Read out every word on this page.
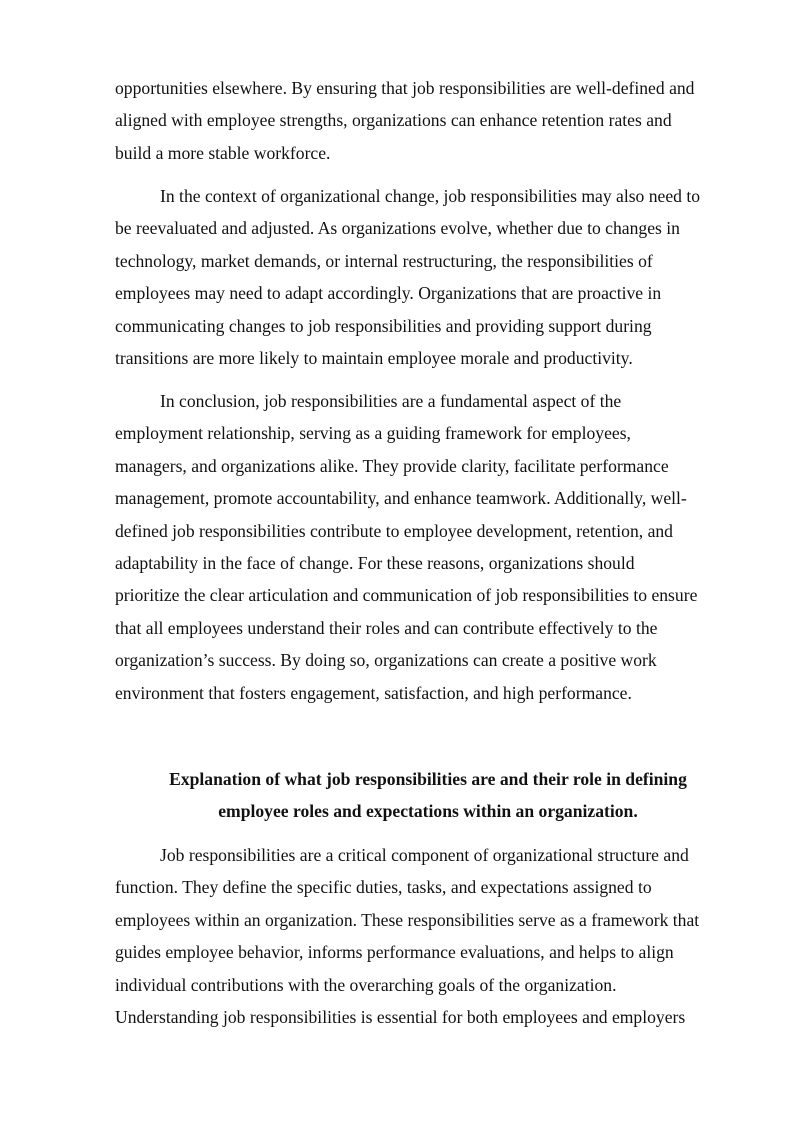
opportunities elsewhere. By ensuring that job responsibilities are well-defined and
aligned with employee strengths, organizations can enhance retention rates and
build a more stable workforce.

In the context of organizational change, job responsibilities may also need to
be reevaluated and adjusted. As organizations evolve, whether due to changes in
technology, market demands, or internal restructuring, the responsibilities of
employees may need to adapt accordingly. Organizations that are proactive in
communicating changes to job responsibilities and providing support during
transitions are more likely to maintain employee morale and productivity.

In conclusion, job responsibilities are a fundamental aspect of the
employment relationship, serving as a guiding framework for employees,
managers, and organizations alike. They provide clarity, facilitate performance
management, promote accountability, and enhance teamwork. Additionally, well-
defined job responsibilities contribute to employee development, retention, and
adaptability in the face of change. For these reasons, organizations should
prioritize the clear articulation and communication of job responsibilities to ensure
that all employees understand their roles and can contribute effectively to the
organization’s success. By doing so, organizations can create a positive work
environment that fosters engagement, satisfaction, and high performance.

Explanation of what job responsibilities are and their role in defining
employee roles and expectations within an organization.

Job responsibilities are a critical component of organizational structure and
function. They define the specific duties, tasks, and expectations assigned to
employees within an organization. These responsibilities serve as a framework that
guides employee behavior, informs performance evaluations, and helps to align
individual contributions with the overarching goals of the organization.
Understanding job responsibilities is essential for both employees and employers
